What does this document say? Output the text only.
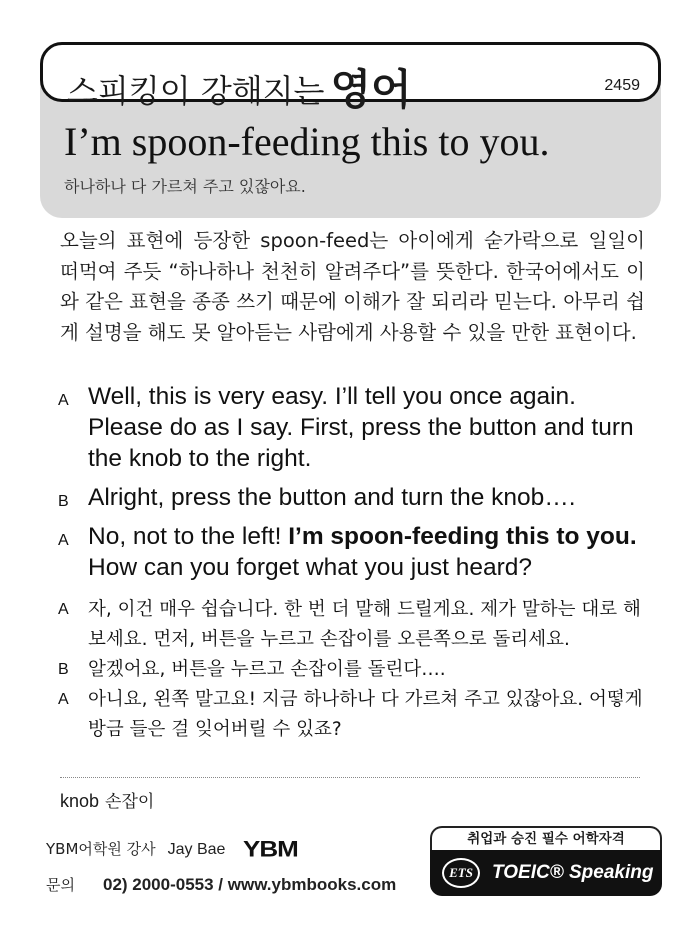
스피킹이 강해지는 영어	2459
I’m spoon-feeding this to you.
하나하나 다 가르쳐 주고 있잖아요.
오늘의 표현에 등장한 spoon-feed는 아이에게 숟가락으로 일일이 떠먹여 주듯 “하나하나 천천히 알려주다”를 뜻한다. 한국어에서도 이와 같은 표현을 종종 쓰기 때문에 이해가 잘 되리라 믿는다. 아무리 쉽게 설명을 해도 못 알아듣는 사람에게 사용할 수 있을 만한 표현이다.
A Well, this is very easy. I’ll tell you once again. Please do as I say. First, press the button and turn the knob to the right.
B Alright, press the button and turn the knob….
A No, not to the left! I’m spoon-feeding this to you. How can you forget what you just heard?
A 자, 이건 매우 쉽습니다. 한 번 더 말해 드릴게요. 제가 말하는 대로 해보세요. 먼저, 버튼을 누르고 손잡이를 오른쪽으로 돌리세요.
B 알겠어요, 버튼을 누르고 손잡이를 돌린다….
A 아니요, 왼쪽 말고요! 지금 하나하나 다 가르쳐 주고 있잖아요. 어떻게 방금 들은 걸 잊어버릴 수 있죠?
knob 손잡이
YBM어학원 강사 Jay Bae YBM
문의 02) 2000-0553 / www.ybmbooks.com
취업과 승진 필수 어학자격
ETS	TOEIC® Speaking
